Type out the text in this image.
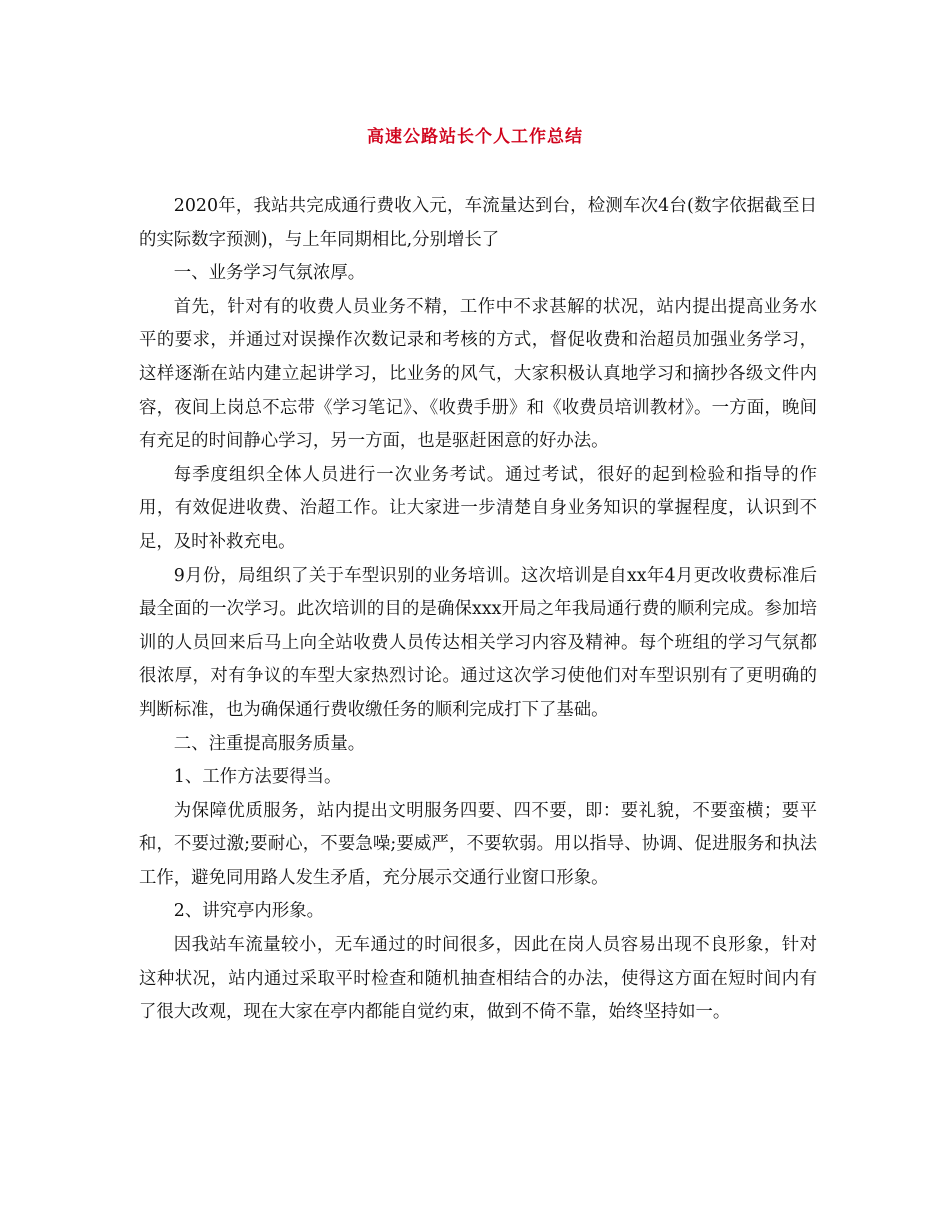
高速公路站长个人工作总结

2020年，我站共完成通行费收入元，车流量达到台，检测车次4台(数字依据截至日的实际数字预测)，与上年同期相比,分别增长了

一、业务学习气氛浓厚。

首先，针对有的收费人员业务不精，工作中不求甚解的状况，站内提出提高业务水平的要求，并通过对误操作次数记录和考核的方式，督促收费和治超员加强业务学习，这样逐渐在站内建立起讲学习，比业务的风气，大家积极认真地学习和摘抄各级文件内容，夜间上岗总不忘带《学习笔记》、《收费手册》和《收费员培训教材》。一方面，晚间有充足的时间静心学习，另一方面，也是驱赶困意的好办法。

每季度组织全体人员进行一次业务考试。通过考试，很好的起到检验和指导的作用，有效促进收费、治超工作。让大家进一步清楚自身业务知识的掌握程度，认识到不足，及时补救充电。

9月份，局组织了关于车型识别的业务培训。这次培训是自xx年4月更改收费标准后最全面的一次学习。此次培训的目的是确保xxx开局之年我局通行费的顺利完成。参加培训的人员回来后马上向全站收费人员传达相关学习内容及精神。每个班组的学习气氛都很浓厚，对有争议的车型大家热烈讨论。通过这次学习使他们对车型识别有了更明确的判断标准，也为确保通行费收缴任务的顺利完成打下了基础。

二、注重提高服务质量。

1、工作方法要得当。

为保障优质服务，站内提出文明服务四要、四不要，即：要礼貌，不要蛮横；要平和，不要过激;要耐心，不要急噪;要威严，不要软弱。用以指导、协调、促进服务和执法工作，避免同用路人发生矛盾，充分展示交通行业窗口形象。

2、讲究亭内形象。

因我站车流量较小，无车通过的时间很多，因此在岗人员容易出现不良形象，针对这种状况，站内通过采取平时检查和随机抽查相结合的办法，使得这方面在短时间内有了很大改观，现在大家在亭内都能自觉约束，做到不倚不靠，始终坚持如一。
